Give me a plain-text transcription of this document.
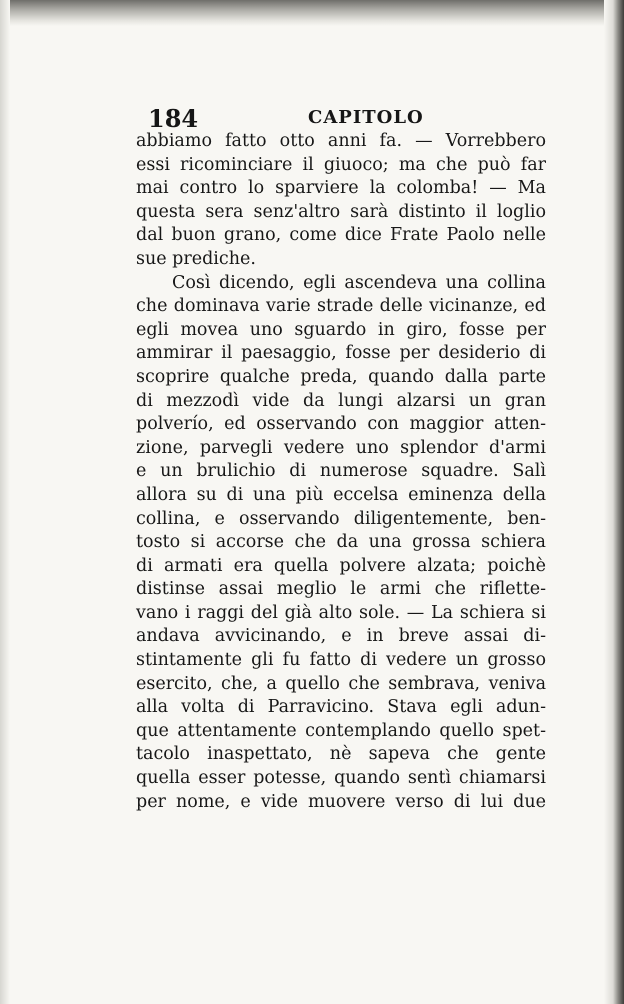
184	CAPITOLO
abbiamo fatto otto anni fa. — Vorrebbero
essi ricominciare il giuoco; ma che può far
mai contro lo sparviere la colomba! — Ma
questa sera senz'altro sarà distinto il loglio
dal buon grano, come dice Frate Paolo nelle
sue prediche.
Così dicendo, egli ascendeva una collina
che dominava varie strade delle vicinanze, ed
egli movea uno sguardo in giro, fosse per
ammirar il paesaggio, fosse per desiderio di
scoprire qualche preda, quando dalla parte
di mezzodì vide da lungi alzarsi un gran
polverío, ed osservando con maggior atten-
zione, parvegli vedere uno splendor d'armi
e un brulichio di numerose squadre. Salì
allora su di una più eccelsa eminenza della
collina, e osservando diligentemente, ben-
tosto si accorse che da una grossa schiera
di armati era quella polvere alzata; poichè
distinse assai meglio le armi che riflette-
vano i raggi del già alto sole. — La schiera si
andava avvicinando, e in breve assai di-
stintamente gli fu fatto di vedere un grosso
esercito, che, a quello che sembrava, veniva
alla volta di Parravicino. Stava egli adun-
que attentamente contemplando quello spet-
tacolo inaspettato, nè sapeva che gente
quella esser potesse, quando sentì chiamarsi
per nome, e vide muovere verso di lui due
